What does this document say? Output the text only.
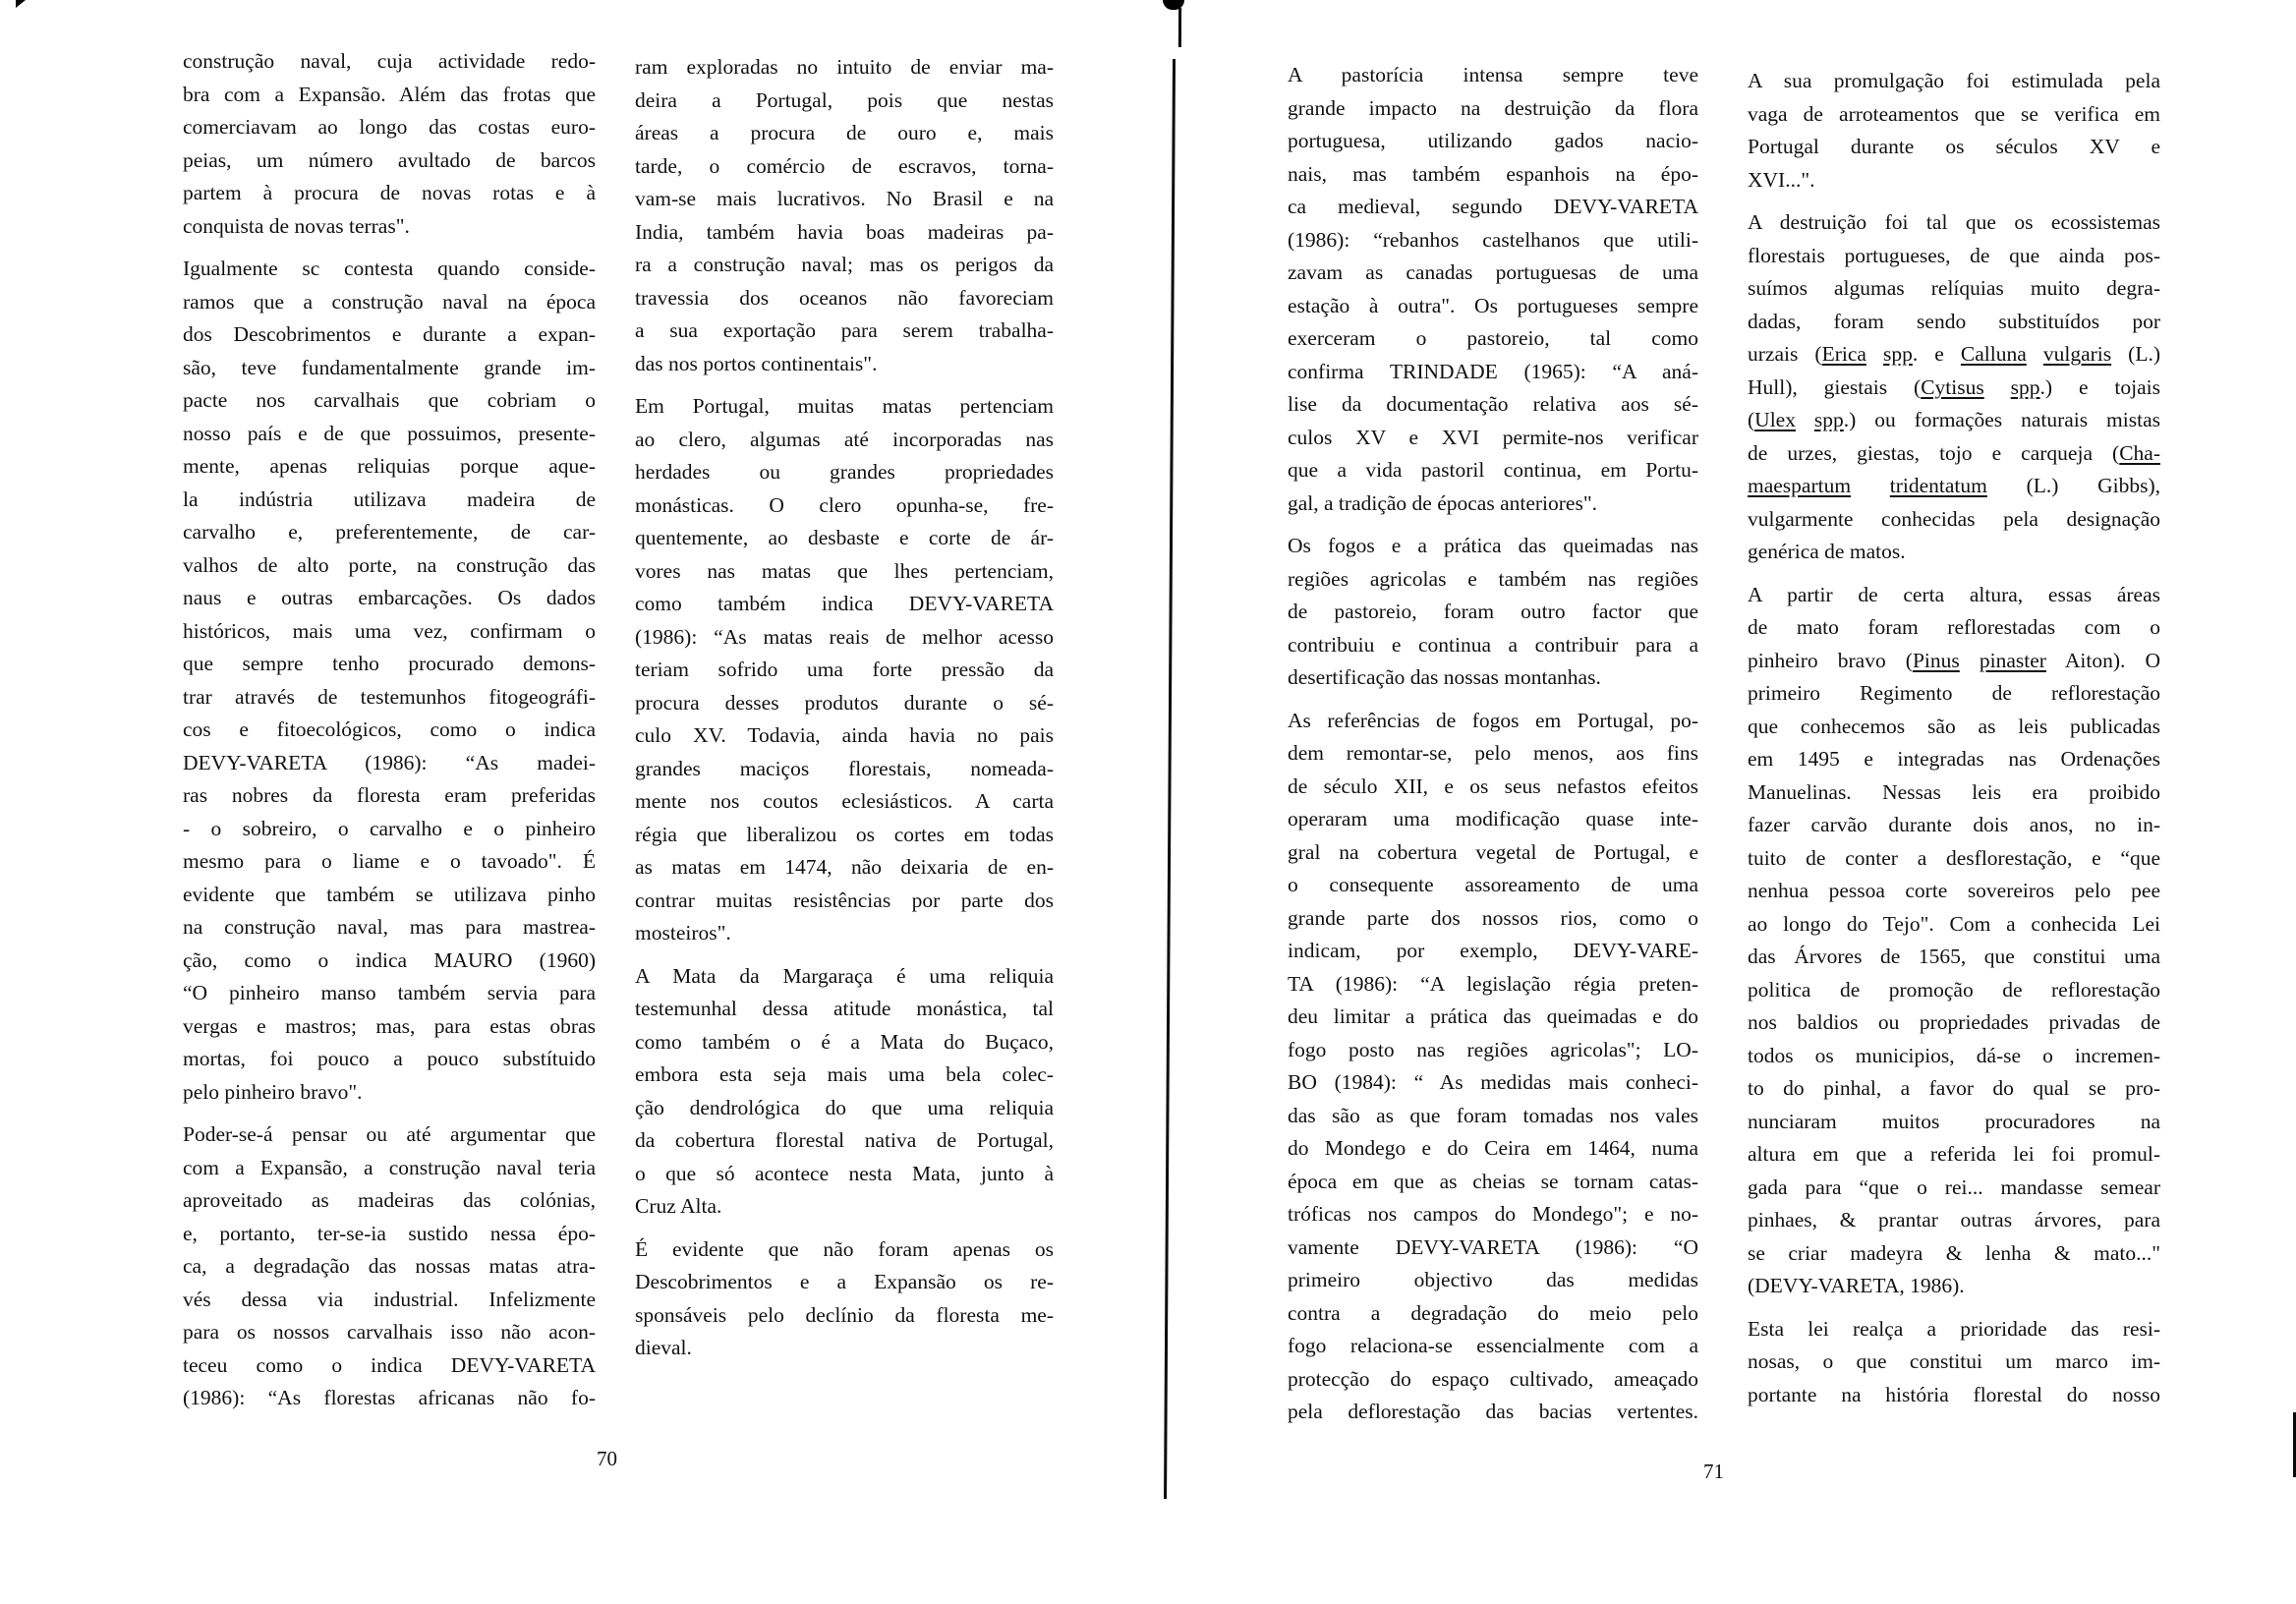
construção naval, cuja actividade redo-
bra com a Expansão. Além das frotas que
comerciavam ao longo das costas euro-
peias, um número avultado de barcos
partem à procura de novas rotas e à
conquista de novas terras".
Igualmente sc contesta quando conside-
ramos que a construção naval na época
dos Descobrimentos e durante a expan-
são, teve fundamentalmente grande im-
pacte nos carvalhais que cobriam o
nosso país e de que possuimos, presente-
mente, apenas reliquias porque aque-
la indústria utilizava madeira de
carvalho e, preferentemente, de car-
valhos de alto porte, na construção das
naus e outras embarcações. Os dados
históricos, mais uma vez, confirmam o
que sempre tenho procurado demons-
trar através de testemunhos fitogeográfi-
cos e fitoecológicos, como o indica
DEVY-VARETA (1986): “As madei-
ras nobres da floresta eram preferidas
- o sobreiro, o carvalho e o pinheiro
mesmo para o liame e o tavoado". É
evidente que também se utilizava pinho
na construção naval, mas para mastrea-
ção, como o indica MAURO (1960)
“O pinheiro manso também servia para
vergas e mastros; mas, para estas obras
mortas, foi pouco a pouco substítuido
pelo pinheiro bravo".
Poder-se-á pensar ou até argumentar que
com a Expansão, a construção naval teria
aproveitado as madeiras das colónias,
e, portanto, ter-se-ia sustido nessa épo-
ca, a degradação das nossas matas atra-
vés dessa via industrial. Infelizmente
para os nossos carvalhais isso não acon-
teceu como o indica DEVY-VARETA
(1986): “As florestas africanas não fo-
ram exploradas no intuito de enviar ma-
deira a Portugal, pois que nestas
áreas a procura de ouro e, mais
tarde, o comércio de escravos, torna-
vam-se mais lucrativos. No Brasil e na
India, também havia boas madeiras pa-
ra a construção naval; mas os perigos da
travessia dos oceanos não favoreciam
a sua exportação para serem trabalha-
das nos portos continentais".
Em Portugal, muitas matas pertenciam
ao clero, algumas até incorporadas nas
herdades ou grandes propriedades
monásticas. O clero opunha-se, fre-
quentemente, ao desbaste e corte de ár-
vores nas matas que lhes pertenciam,
como também indica DEVY-VARETA
(1986): “As matas reais de melhor acesso
teriam sofrido uma forte pressão da
procura desses produtos durante o sé-
culo XV. Todavia, ainda havia no pais
grandes maciços florestais, nomeada-
mente nos coutos eclesiásticos. A carta
régia que liberalizou os cortes em todas
as matas em 1474, não deixaria de en-
contrar muitas resistências por parte dos
mosteiros".
A Mata da Margaraça é uma reliquia
testemunhal dessa atitude monástica, tal
como também o é a Mata do Buçaco,
embora esta seja mais uma bela colec-
ção dendrológica do que uma reliquia
da cobertura florestal nativa de Portugal,
o que só acontece nesta Mata, junto à
Cruz Alta.
É evidente que não foram apenas os
Descobrimentos e a Expansão os re-
sponsáveis pelo declínio da floresta me-
dieval.
70
A pastorícia intensa sempre teve
grande impacto na destruição da flora
portuguesa, utilizando gados nacio-
nais, mas também espanhois na épo-
ca medieval, segundo DEVY-VARETA
(1986): “rebanhos castelhanos que utili-
zavam as canadas portuguesas de uma
estação à outra". Os portugueses sempre
exerceram o pastoreio, tal como
confirma TRINDADE (1965): “A aná-
lise da documentação relativa aos sé-
culos XV e XVI permite-nos verificar
que a vida pastoril continua, em Portu-
gal, a tradição de épocas anteriores".
Os fogos e a prática das queimadas nas
regiões agricolas e também nas regiões
de pastoreio, foram outro factor que
contribuiu e continua a contribuir para a
desertificação das nossas montanhas.
As referências de fogos em Portugal, po-
dem remontar-se, pelo menos, aos fins
de século XII, e os seus nefastos efeitos
operaram uma modificação quase inte-
gral na cobertura vegetal de Portugal, e
o consequente assoreamento de uma
grande parte dos nossos rios, como o
indicam, por exemplo, DEVY-VARE-
TA (1986): “A legislação régia preten-
deu limitar a prática das queimadas e do
fogo posto nas regiões agricolas"; LO-
BO (1984): “ As medidas mais conheci-
das são as que foram tomadas nos vales
do Mondego e do Ceira em 1464, numa
época em que as cheias se tornam catas-
tróficas nos campos do Mondego"; e no-
vamente DEVY-VARETA (1986): “O
primeiro objectivo das medidas
contra a degradação do meio pelo
fogo relaciona-se essencialmente com a
protecção do espaço cultivado, ameaçado
pela deflorestação das bacias vertentes.
A sua promulgação foi estimulada pela
vaga de arroteamentos que se verifica em
Portugal durante os séculos XV e
XVI...".
A destruição foi tal que os ecossistemas
florestais portugueses, de que ainda pos-
suímos algumas relíquias muito degra-
dadas, foram sendo substituídos por
urzais (Erica spp. e Calluna vulgaris (L.)
Hull), giestais (Cytisus spp.) e tojais
(Ulex spp.) ou formações naturais mistas
de urzes, giestas, tojo e carqueja (Cha-
maespartum tridentatum (L.) Gibbs),
vulgarmente conhecidas pela designação
genérica de matos.
A partir de certa altura, essas áreas
de mato foram reflorestadas com o
pinheiro bravo (Pinus pinaster Aiton). O
primeiro Regimento de reflorestação
que conhecemos são as leis publicadas
em 1495 e integradas nas Ordenações
Manuelinas. Nessas leis era proibido
fazer carvão durante dois anos, no in-
tuito de conter a desflorestação, e “que
nenhua pessoa corte sovereiros pelo pee
ao longo do Tejo". Com a conhecida Lei
das Árvores de 1565, que constitui uma
politica de promoção de reflorestação
nos baldios ou propriedades privadas de
todos os municipios, dá-se o incremen-
to do pinhal, a favor do qual se pro-
nunciaram muitos procuradores na
altura em que a referida lei foi promul-
gada para “que o rei... mandasse semear
pinhaes, & prantar outras árvores, para
se criar madeyra & lenha & mato..."
(DEVY-VARETA, 1986).
Esta lei realça a prioridade das resi-
nosas, o que constitui um marco im-
portante na história florestal do nosso
71
